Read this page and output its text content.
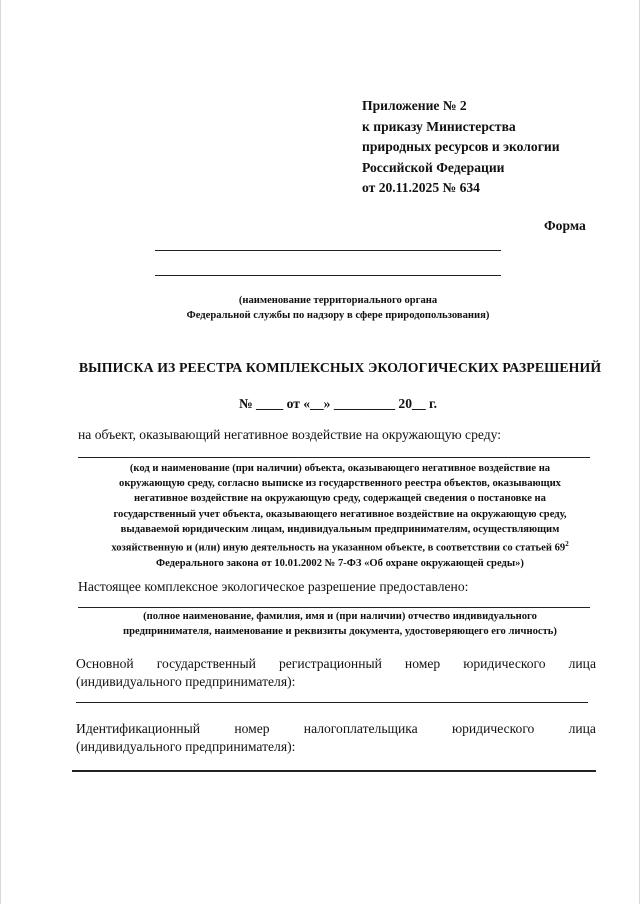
Приложение № 2
к приказу Министерства
природных ресурсов и экологии
Российской Федерации
от 20.11.2025 № 634
Форма
(наименование территориального органа
Федеральной службы по надзору в сфере природопользования)
ВЫПИСКА ИЗ РЕЕСТРА КОМПЛЕКСНЫХ ЭКОЛОГИЧЕСКИХ РАЗРЕШЕНИЙ
№ ____ от «__» _________ 20__ г.
на объект, оказывающий негативное воздействие на окружающую среду:
(код и наименование (при наличии) объекта, оказывающего негативное воздействие на
окружающую среду, согласно выписке из государственного реестра объектов, оказывающих
негативное воздействие на окружающую среду, содержащей сведения о постановке на
государственный учет объекта, оказывающего негативное воздействие на окружающую среду,
выдаваемой юридическим лицам, индивидуальным предпринимателям, осуществляющим
хозяйственную и (или) иную деятельность на указанном объекте, в соответствии со статьей $69^2$
Федерального закона от 10.01.2002 № 7-ФЗ «Об охране окружающей среды»)
Настоящее комплексное экологическое разрешение предоставлено:
(полное наименование, фамилия, имя и (при наличии) отчество индивидуального
предпринимателя, наименование и реквизиты документа, удостоверяющего его личность)
Основной государственный регистрационный номер юридического лица
(индивидуального предпринимателя):
Идентификационный	номер	налогоплательщика	юридического	лица
(индивидуального предпринимателя):
